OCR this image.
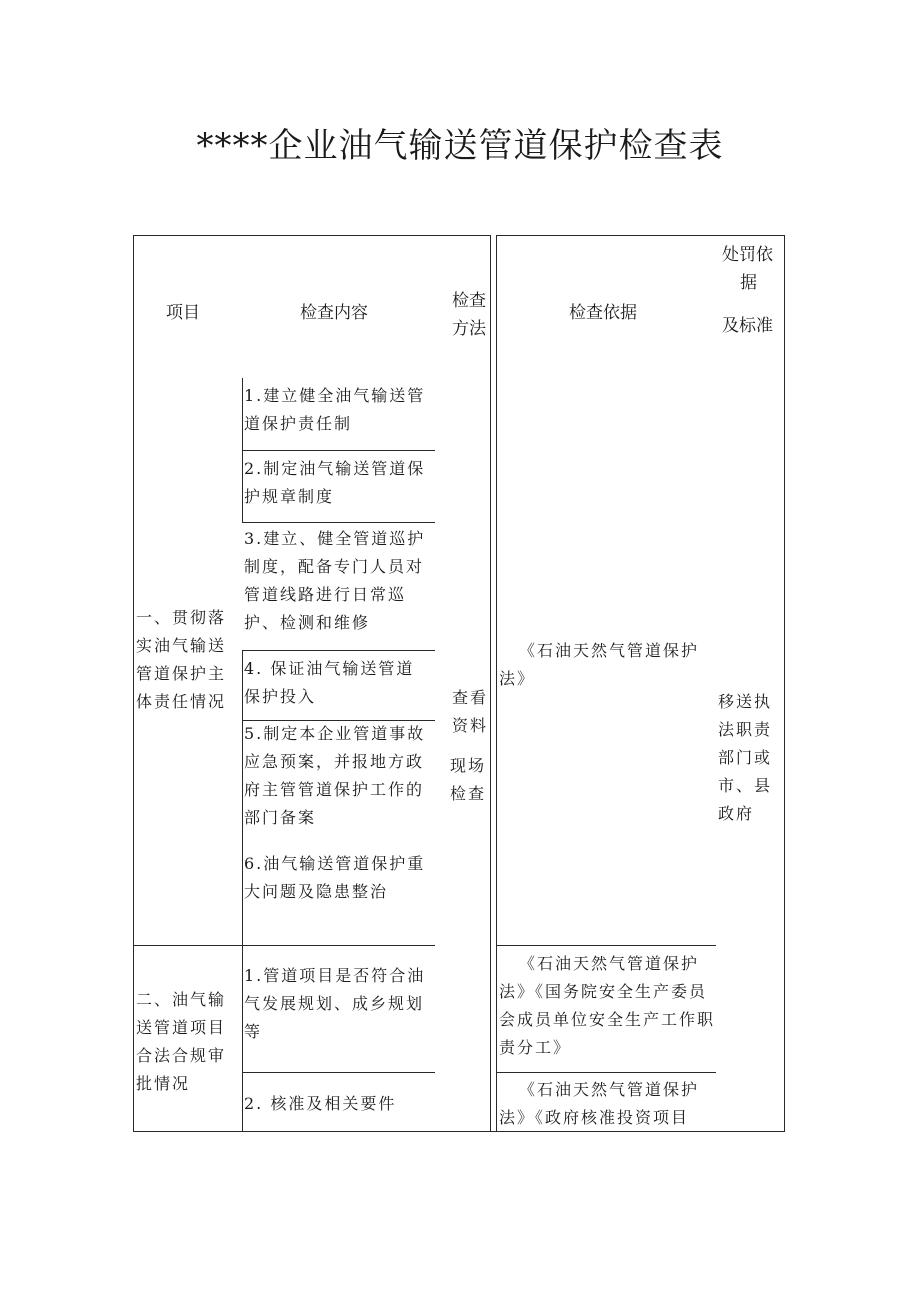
****企业油气输送管道保护检查表
项目	检查内容
检查
方法
检查依据
处罚依
据
及标准
一、贯彻落实油气输送管道保护主体责任情况
1.建立健全油气输送管道保护责任制
2.制定油气输送管道保护规章制度
3.建立、健全管道巡护制度，配备专门人员对管道线路进行日常巡护、检测和维修
4. 保证油气输送管道保护投入
5.制定本企业管道事故应急预案，并报地方政府主管管道保护工作的部门备案
6.油气输送管道保护重大问题及隐患整治
查看资料
现场检查
《石油天然气管道保护法》
移送执法职责部门或市、县政府
二、油气输送管道项目合法合规审批情况
1.管道项目是否符合油气发展规划、成乡规划等
2. 核准及相关要件
《石油天然气管道保护法》《国务院安全生产委员会成员单位安全生产工作职责分工》
《石油天然气管道保护法》《政府核准投资项目
